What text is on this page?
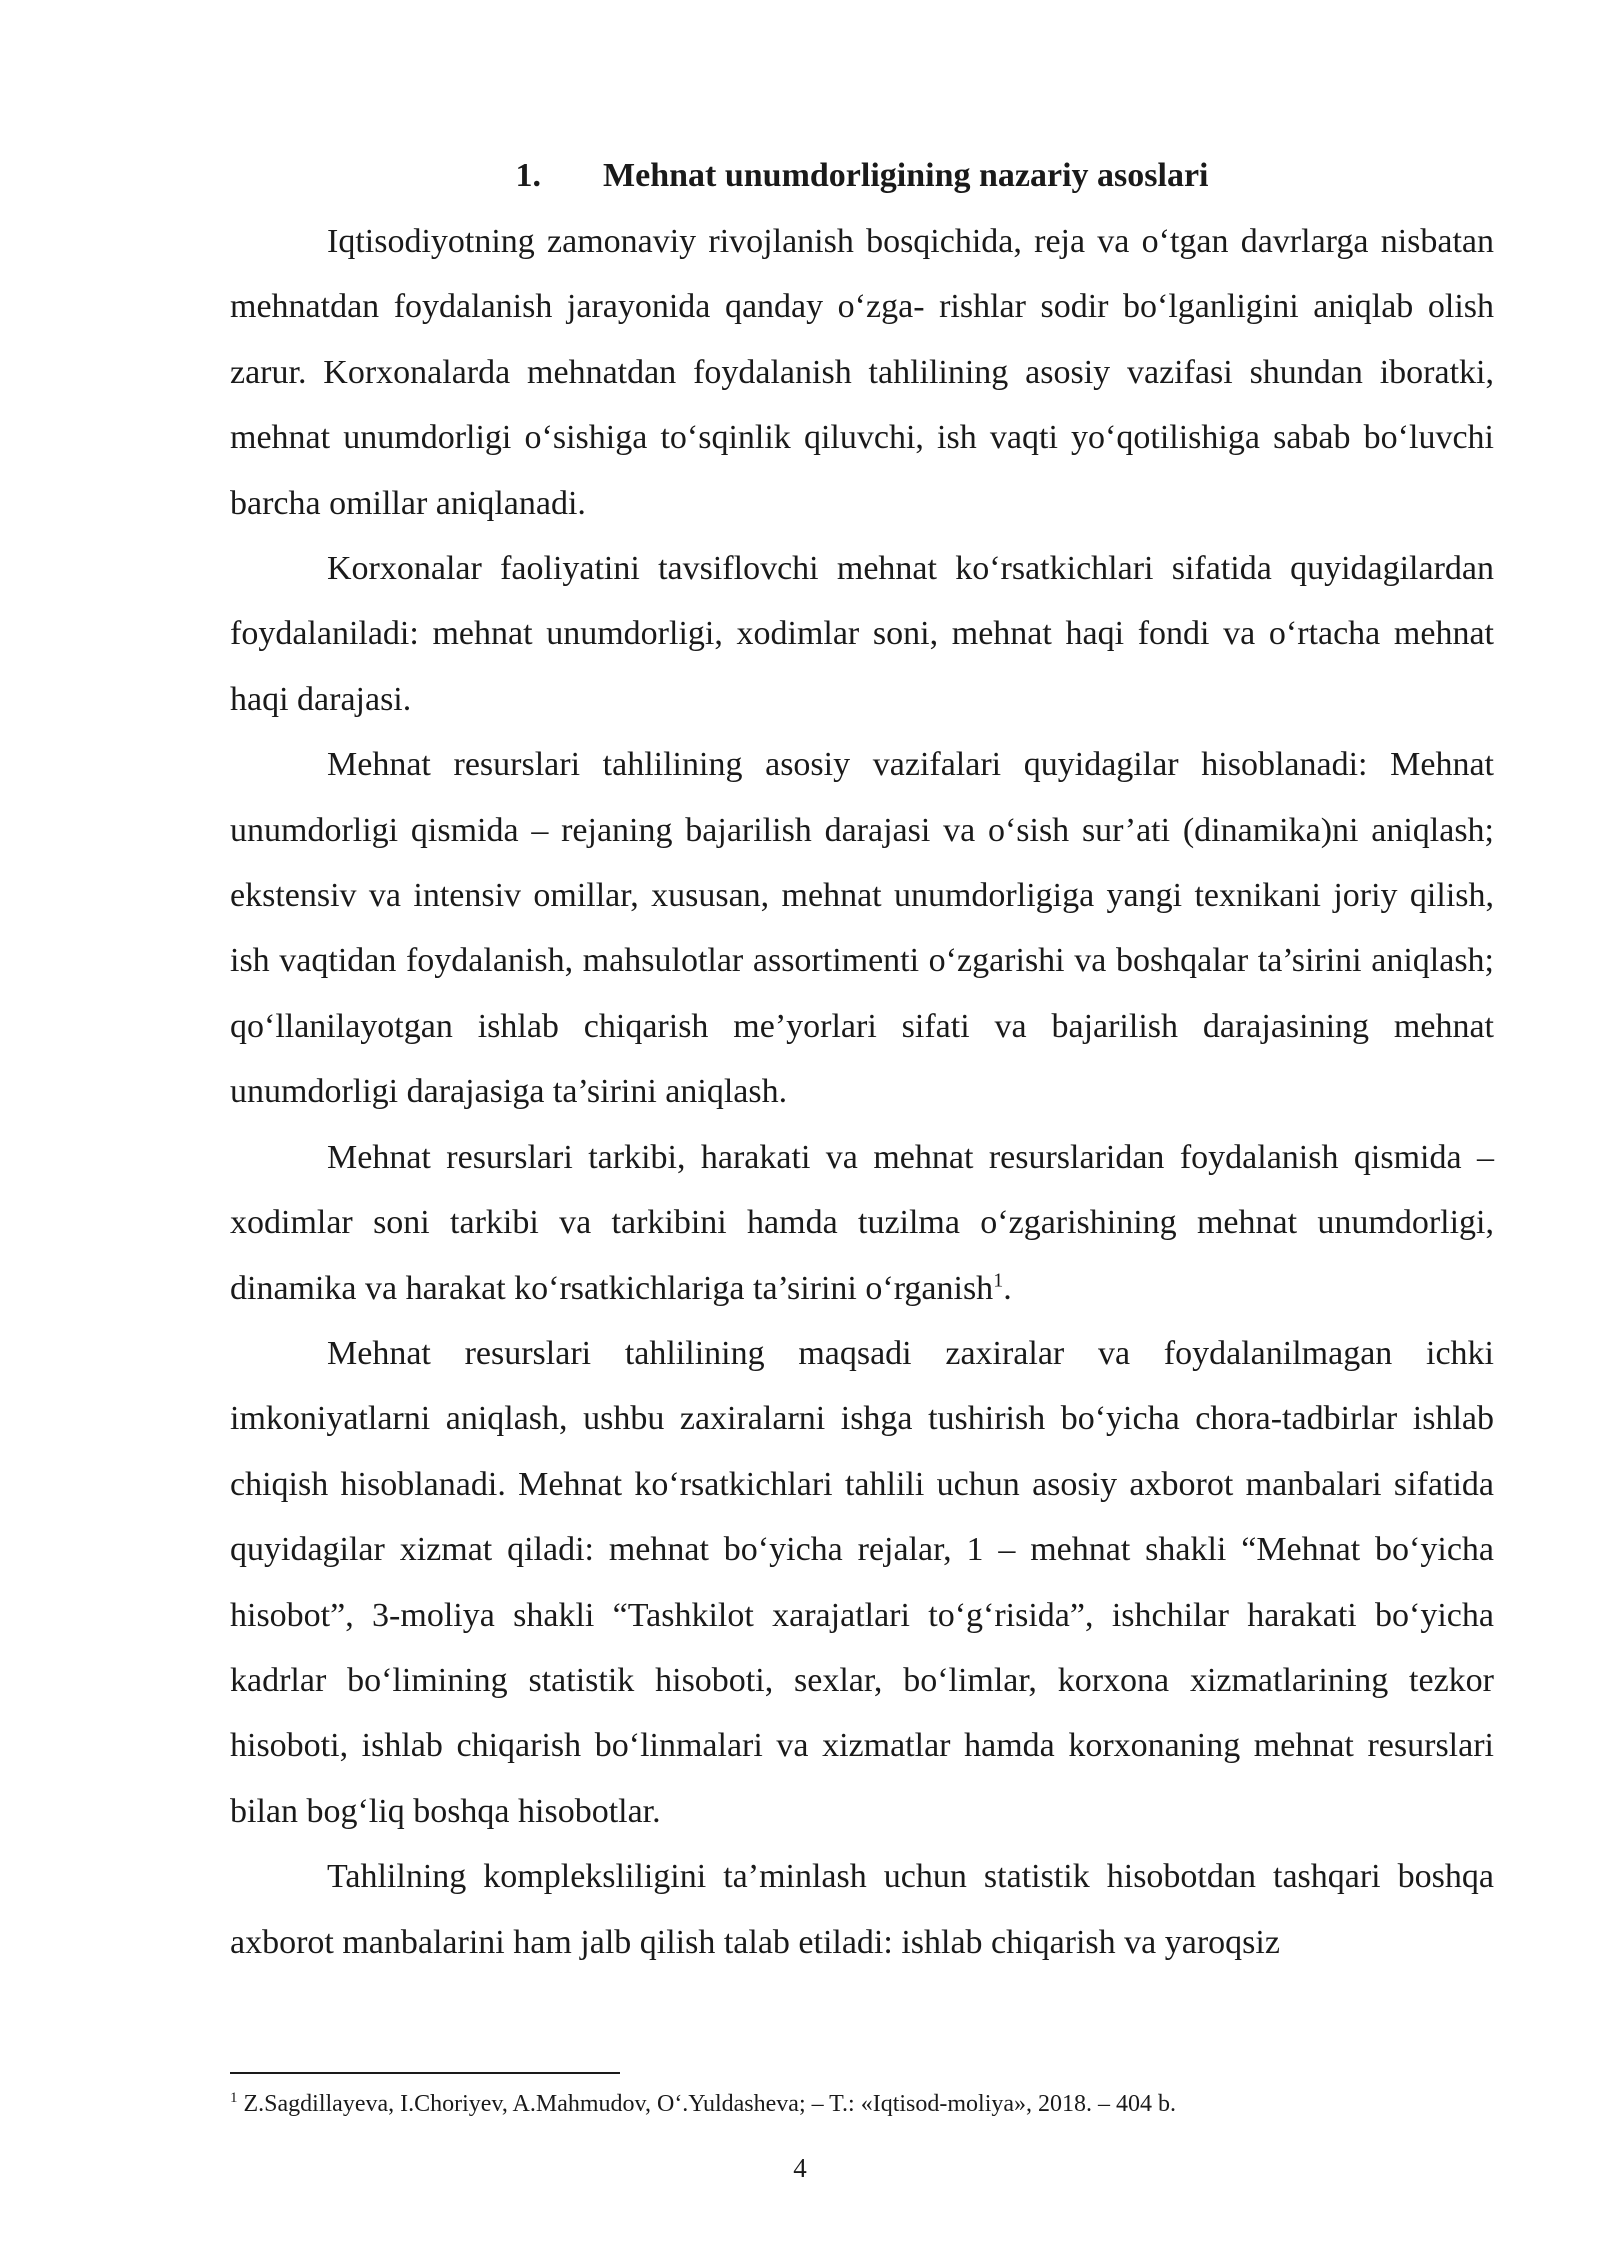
1. Mehnat unumdorligining nazariy asoslari

Iqtisodiyotning zamonaviy rivojlanish bosqichida, reja va o‘tgan davrlarga nisbatan mehnatdan foydalanish jarayonida qanday o‘zga- rishlar sodir bo‘lganligini aniqlab olish zarur. Korxonalarda mehnatdan foydalanish tahlilining asosiy vazifasi shundan iboratki, mehnat unumdorligi o‘sishiga to‘sqinlik qiluvchi, ish vaqti yo‘qotilishiga sabab bo‘luvchi barcha omillar aniqlanadi.

Korxonalar faoliyatini tavsiflovchi mehnat ko‘rsatkichlari sifatida quyidagilardan foydalaniladi: mehnat unumdorligi, xodimlar soni, mehnat haqi fondi va o‘rtacha mehnat haqi darajasi.

Mehnat resurslari tahlilining asosiy vazifalari quyidagilar hisoblanadi: Mehnat unumdorligi qismida – rejaning bajarilish darajasi va o‘sish sur’ati (dinamika)ni aniqlash; ekstensiv va intensiv omillar, xususan, mehnat unumdorligiga yangi texnikani joriy qilish, ish vaqtidan foydalanish, mahsulotlar assortimenti o‘zgarishi va boshqalar ta’sirini aniqlash; qo‘llanilayotgan ishlab chiqarish me’yorlari sifati va bajarilish darajasining mehnat unumdorligi darajasiga ta’sirini aniqlash.

Mehnat resurslari tarkibi, harakati va mehnat resurslaridan foydalanish qismida – xodimlar soni tarkibi va tarkibini hamda tuzilma o‘zgarishining mehnat unumdorligi, dinamika va harakat ko‘rsatkichlariga ta’sirini o‘rganish$^1$.

Mehnat resurslari tahlilining maqsadi zaxiralar va foydalanilmagan ichki imkoniyatlarni aniqlash, ushbu zaxiralarni ishga tushirish bo‘yicha chora-tadbirlar ishlab chiqish hisoblanadi. Mehnat ko‘rsatkichlari tahlili uchun asosiy axborot manbalari sifatida quyidagilar xizmat qiladi: mehnat bo‘yicha rejalar, 1 – mehnat shakli “Mehnat bo‘yicha hisobot”, 3-moliya shakli “Tashkilot xarajatlari to‘g‘risida”, ishchilar harakati bo‘yicha kadrlar bo‘limining statistik hisoboti, sexlar, bo‘limlar, korxona xizmatlarining tezkor hisoboti, ishlab chiqarish bo‘linmalari va xizmatlar hamda korxonaning mehnat resurslari bilan bog‘liq boshqa hisobotlar.

Tahlilning kompleksliligini ta’minlash uchun statistik hisobotdan tashqari boshqa axborot manbalarini ham jalb qilish talab etiladi: ishlab chiqarish va yaroqsiz

$^1$ Z.Sagdillayeva, I.Choriyev, A.Mahmudov, O‘.Yuldasheva; – T.: «Iqtisod-moliya», 2018. – 404 b.

4
